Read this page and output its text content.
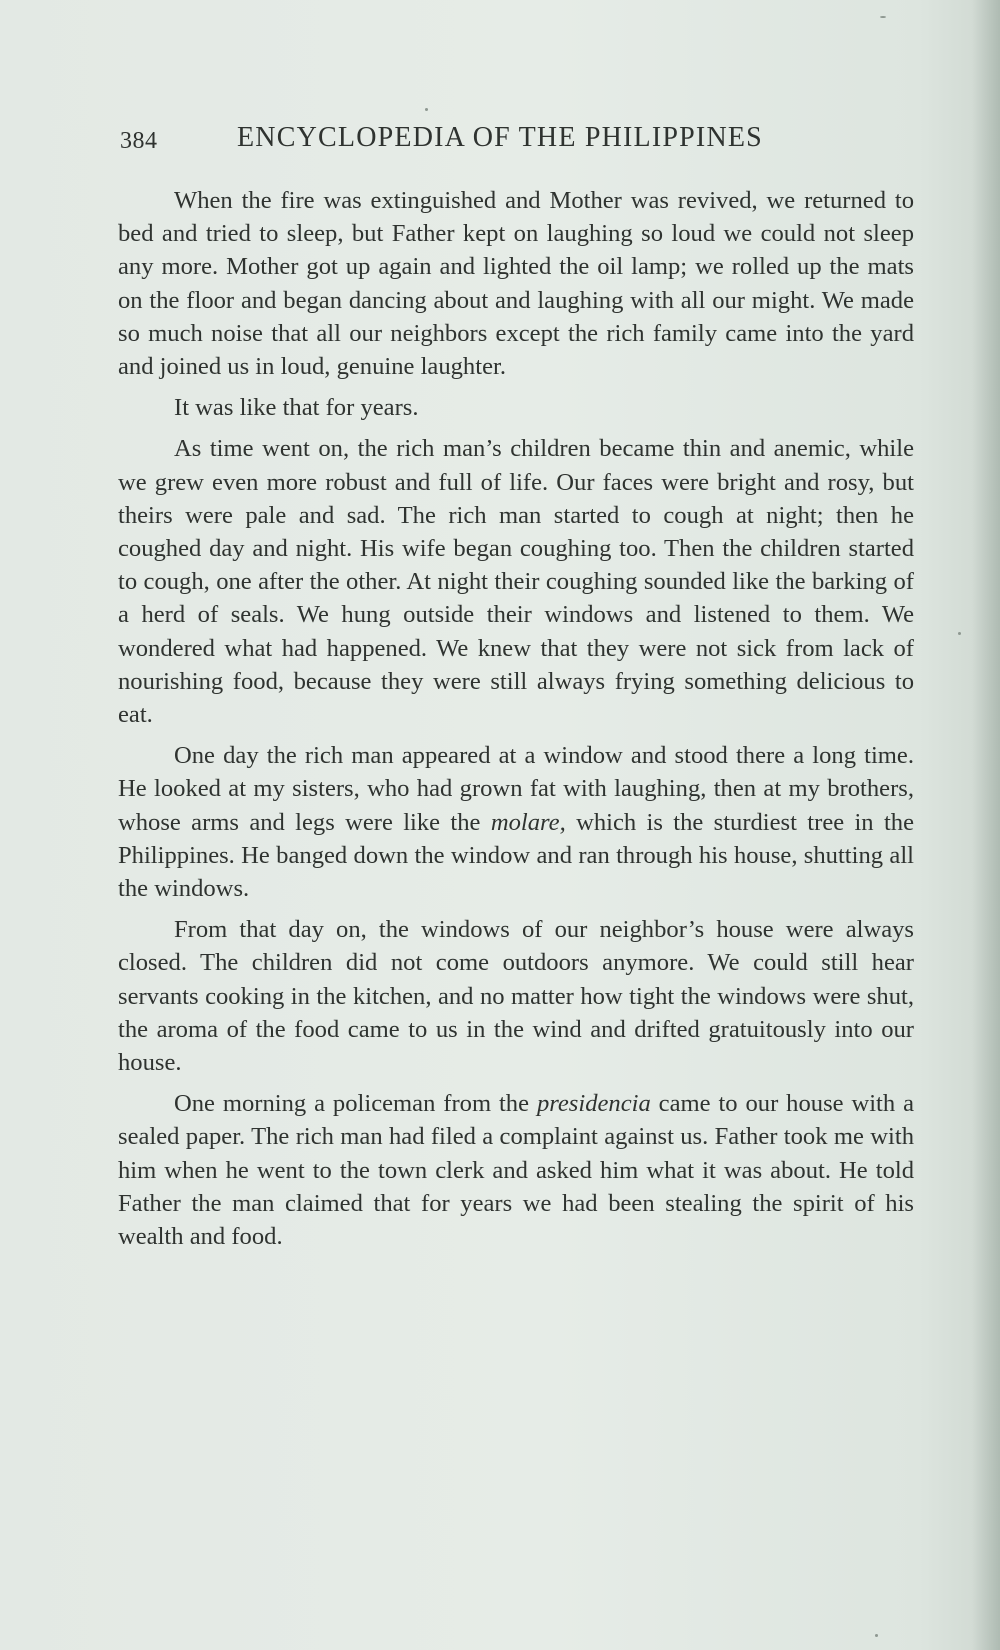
384	ENCYCLOPEDIA OF THE PHILIPPINES

When the fire was extinguished and Mother was revived, we returned to bed and tried to sleep, but Father kept on laughing so loud we could not sleep any more. Mother got up again and lighted the oil lamp; we rolled up the mats on the floor and began dancing about and laughing with all our might. We made so much noise that all our neighbors except the rich family came into the yard and joined us in loud, genuine laughter.

It was like that for years.

As time went on, the rich man’s children became thin and anemic, while we grew even more robust and full of life. Our faces were bright and rosy, but theirs were pale and sad. The rich man started to cough at night; then he coughed day and night. His wife began coughing too. Then the children started to cough, one after the other. At night their coughing sounded like the barking of a herd of seals. We hung outside their windows and listened to them. We wondered what had happened. We knew that they were not sick from lack of nourishing food, because they were still always frying something delicious to eat.

One day the rich man appeared at a window and stood there a long time. He looked at my sisters, who had grown fat with laughing, then at my brothers, whose arms and legs were like the molare, which is the sturdiest tree in the Philippines. He banged down the window and ran through his house, shutting all the windows.

From that day on, the windows of our neighbor’s house were always closed. The children did not come outdoors anymore. We could still hear servants cooking in the kitchen, and no matter how tight the windows were shut, the aroma of the food came to us in the wind and drifted gratuitously into our house.

One morning a policeman from the presidencia came to our house with a sealed paper. The rich man had filed a complaint against us. Father took me with him when he went to the town clerk and asked him what it was about. He told Father the man claimed that for years we had been stealing the spirit of his wealth and food.
